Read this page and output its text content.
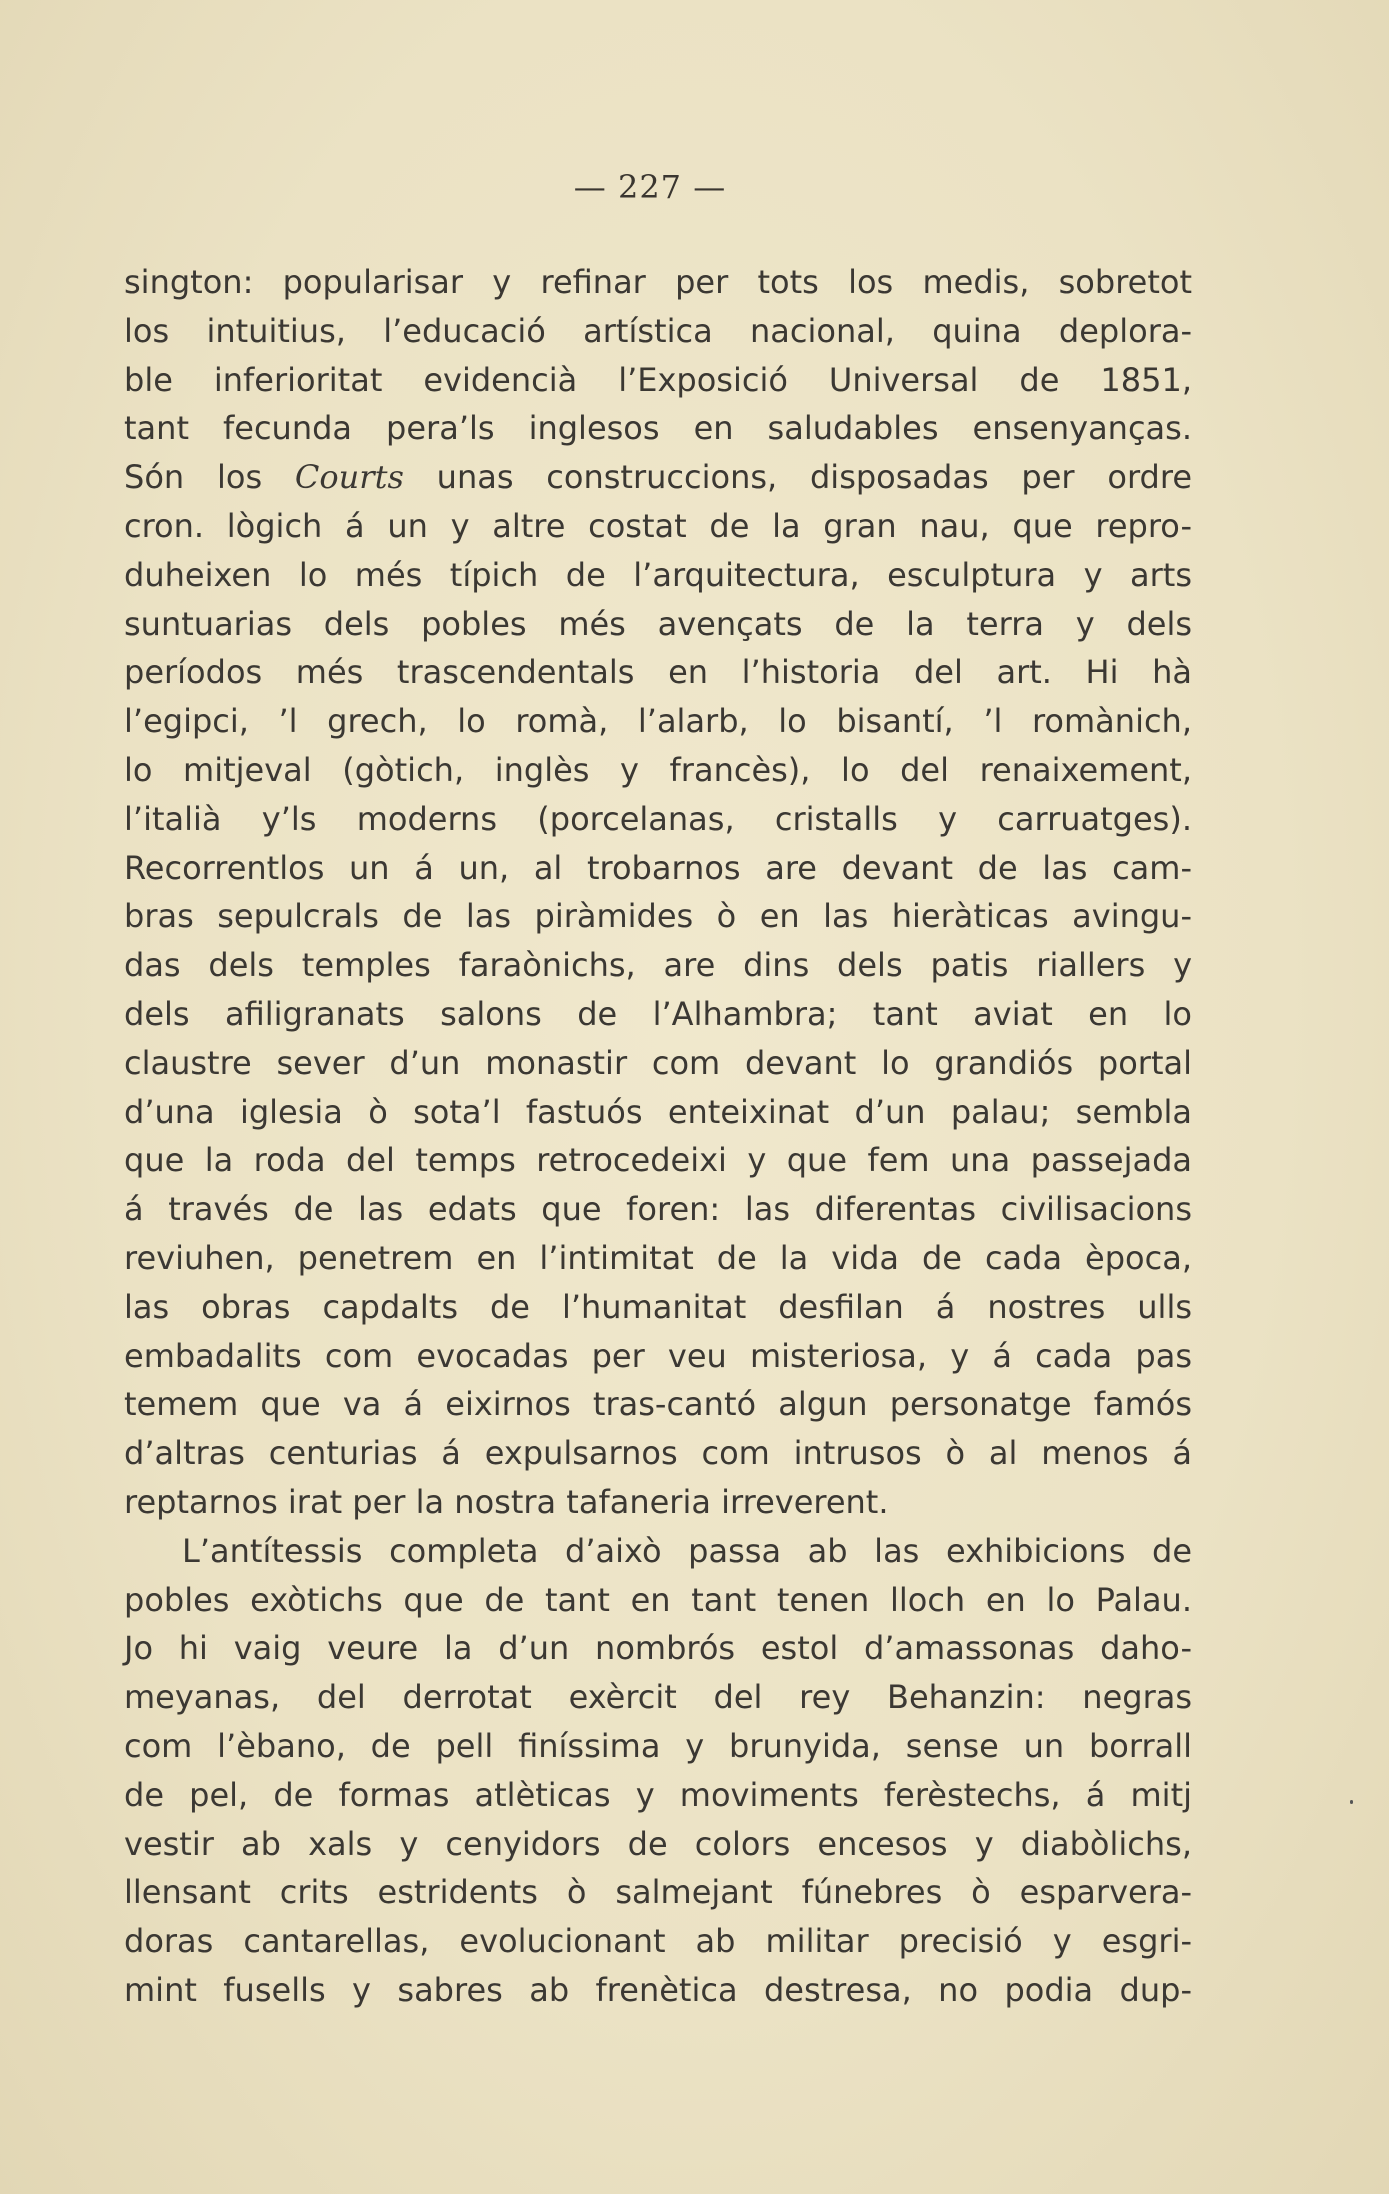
— 227 —
sington: popularisar y refinar per tots los medis, sobretot
los intuitius, l’educació artística nacional, quina deplora-
ble inferioritat evidencià l’Exposició Universal de 1851,
tant fecunda pera’ls inglesos en saludables ensenyanças.
Són los Courts unas construccions, disposadas per ordre
cron. lògich á un y altre costat de la gran nau, que repro-
duheixen lo més típich de l’arquitectura, esculptura y arts
suntuarias dels pobles més avençats de la terra y dels
períodos més trascendentals en l’historia del art. Hi hà
l’egipci, ’l grech, lo romà, l’alarb, lo bisantí, ’l romànich,
lo mitjeval (gòtich, inglès y francès), lo del renaixement,
l’italià y’ls moderns (porcelanas, cristalls y carruatges).
Recorrentlos un á un, al trobarnos are devant de las cam-
bras sepulcrals de las piràmides ò en las hieràticas avingu-
das dels temples faraònichs, are dins dels patis riallers y
dels afiligranats salons de l’Alhambra; tant aviat en lo
claustre sever d’un monastir com devant lo grandiós portal
d’una iglesia ò sota’l fastuós enteixinat d’un palau; sembla
que la roda del temps retrocedeixi y que fem una passejada
á través de las edats que foren: las diferentas civilisacions
reviuhen, penetrem en l’intimitat de la vida de cada època,
las obras capdalts de l’humanitat desfilan á nostres ulls
embadalits com evocadas per veu misteriosa, y á cada pas
temem que va á eixirnos tras-cantó algun personatge famós
d’altras centurias á expulsarnos com intrusos ò al menos á
reptarnos irat per la nostra tafaneria irreverent.
L’antítessis completa d’això passa ab las exhibicions de
pobles exòtichs que de tant en tant tenen lloch en lo Palau.
Jo hi vaig veure la d’un nombrós estol d’amassonas daho-
meyanas, del derrotat exèrcit del rey Behanzin: negras
com l’èbano, de pell finíssima y brunyida, sense un borrall
de pel, de formas atlèticas y moviments ferèstechs, á mitj
vestir ab xals y cenyidors de colors encesos y diabòlichs,
llensant crits estridents ò salmejant fúnebres ò esparvera-
doras cantarellas, evolucionant ab militar precisió y esgri-
mint fusells y sabres ab frenètica destresa, no podia dup-
